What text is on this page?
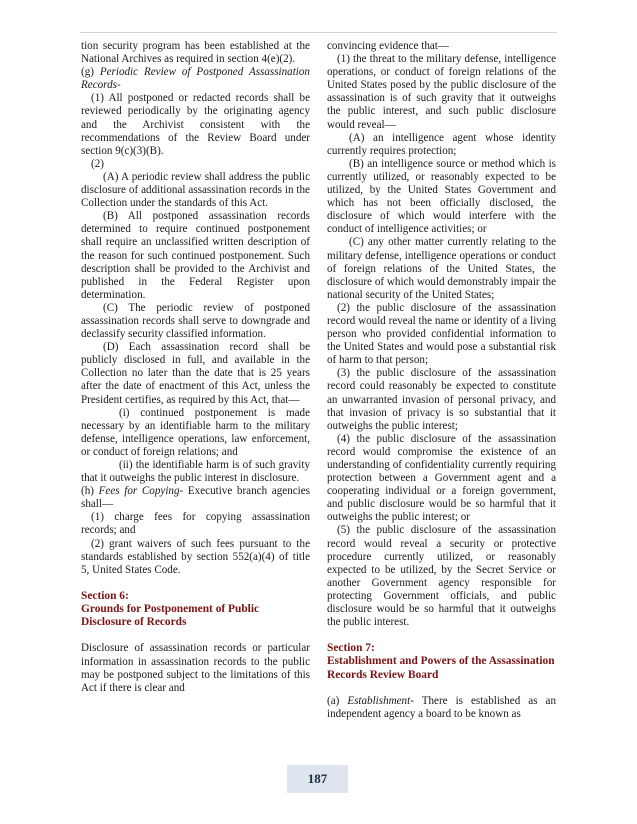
tion security program has been established at the National Archives as required in section 4(e)(2).

(g) Periodic Review of Postponed Assassination Records-

(1) All postponed or redacted records shall be reviewed periodically by the originating agency and the Archivist consistent with the recommendations of the Review Board under section 9(c)(3)(B).

(2)

(A) A periodic review shall address the public disclosure of additional assassination records in the Collection under the standards of this Act.

(B) All postponed assassination records determined to require continued postponement shall require an unclassified written description of the reason for such continued postponement. Such description shall be provided to the Archivist and published in the Federal Register upon determination.

(C) The periodic review of postponed assassination records shall serve to downgrade and declassify security classified information.

(D) Each assassination record shall be publicly disclosed in full, and available in the Collection no later than the date that is 25 years after the date of enactment of this Act, unless the President certifies, as required by this Act, that—

(i) continued postponement is made necessary by an identifiable harm to the military defense, intelligence operations, law enforcement, or conduct of foreign relations; and

(ii) the identifiable harm is of such gravity that it outweighs the public interest in disclosure.

(h) Fees for Copying- Executive branch agencies shall—

(1) charge fees for copying assassination records; and

(2) grant waivers of such fees pursuant to the standards established by section 552(a)(4) of title 5, United States Code.

Section 6:
Grounds for Postponement of Public Disclosure of Records

Disclosure of assassination records or particular information in assassination records to the public may be postponed subject to the limitations of this Act if there is clear and

convincing evidence that—

(1) the threat to the military defense, intelligence operations, or conduct of foreign relations of the United States posed by the public disclosure of the assassination is of such gravity that it outweighs the public interest, and such public disclosure would reveal—

(A) an intelligence agent whose identity currently requires protection;

(B) an intelligence source or method which is currently utilized, or reasonably expected to be utilized, by the United States Government and which has not been officially disclosed, the disclosure of which would interfere with the conduct of intelligence activities; or

(C) any other matter currently relating to the military defense, intelligence operations or conduct of foreign relations of the United States, the disclosure of which would demonstrably impair the national security of the United States;

(2) the public disclosure of the assassination record would reveal the name or identity of a living person who provided confidential information to the United States and would pose a substantial risk of harm to that person;

(3) the public disclosure of the assassination record could reasonably be expected to constitute an unwarranted invasion of personal privacy, and that invasion of privacy is so substantial that it outweighs the public interest;

(4) the public disclosure of the assassination record would compromise the existence of an understanding of confidentiality currently requiring protection between a Government agent and a cooperating individual or a foreign government, and public disclosure would be so harmful that it outweighs the public interest; or

(5) the public disclosure of the assassination record would reveal a security or protective procedure currently utilized, or reasonably expected to be utilized, by the Secret Service or another Government agency responsible for protecting Government officials, and public disclosure would be so harmful that it outweighs the public interest.

Section 7:
Establishment and Powers of the Assassination Records Review Board

(a) Establishment- There is established as an independent agency a board to be known as

187
